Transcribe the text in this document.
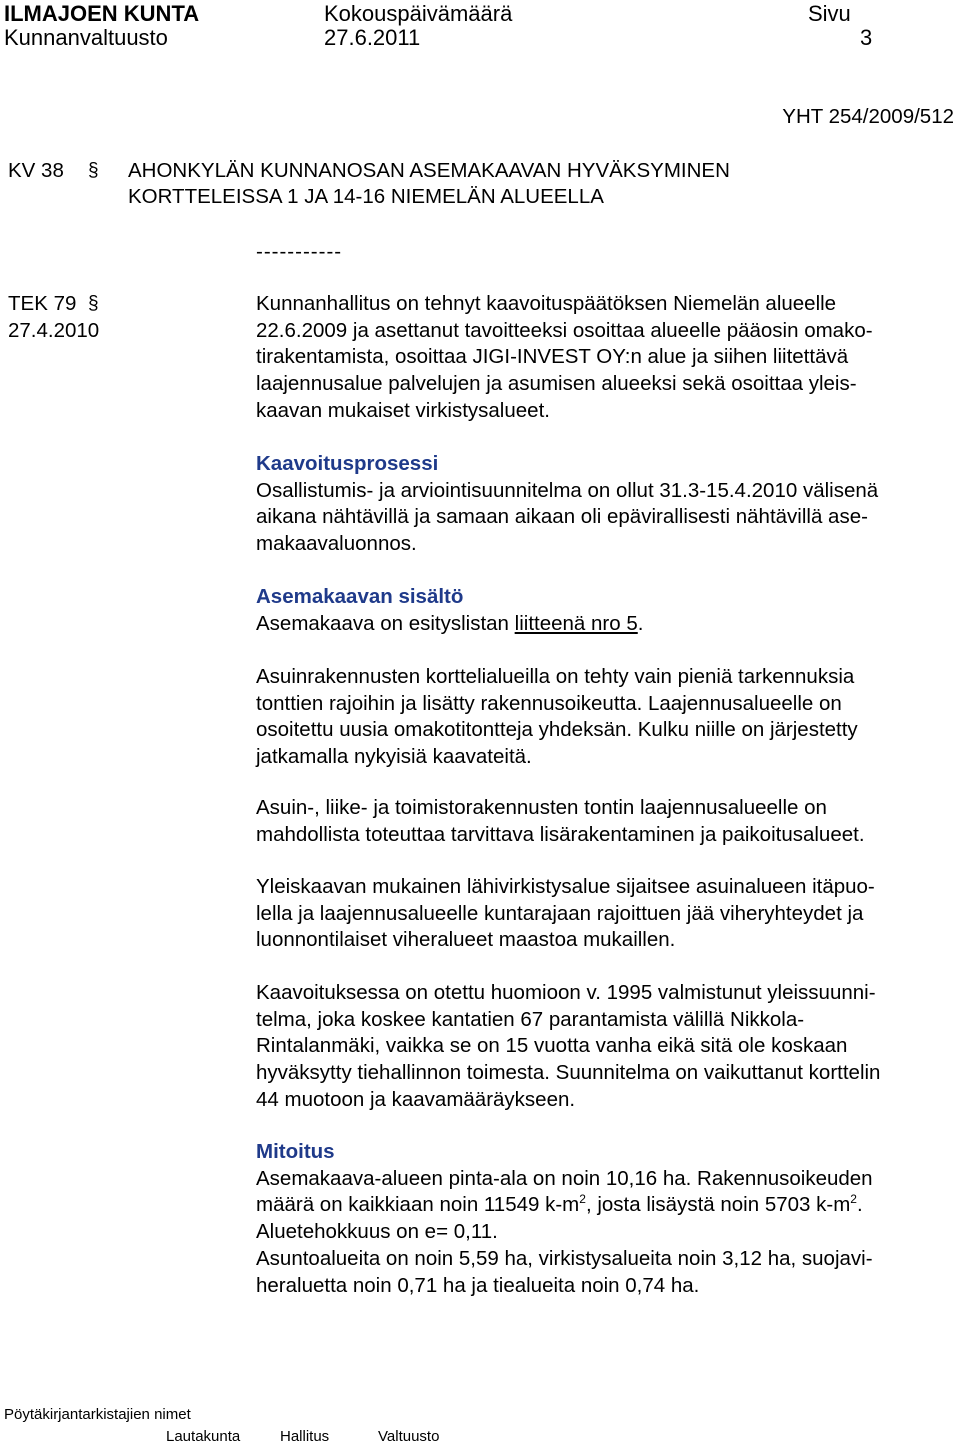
ILMAJOEN KUNTA
Kunnanvaltuusto
Kokouspäivämäärä
27.6.2011
Sivu
3
YHT 254/2009/512
KV 38 § AHONKYLÄN KUNNANOSAN ASEMAKAAVAN HYVÄKSYMINEN
KORTTELEISSA 1 JA 14-16 NIEMELÄN ALUEELLA
-----------
TEK 79 §
27.4.2010
Kunnanhallitus on tehnyt kaavoituspäätöksen Niemelän alueelle
22.6.2009 ja asettanut tavoitteeksi osoittaa alueelle pääosin omako-
tirakentamista, osoittaa JIGI-INVEST OY:n alue ja siihen liitettävä
laajennusalue palvelujen ja asumisen alueeksi sekä osoittaa yleis-
kaavan mukaiset virkistysalueet.
Kaavoitusprosessi
Osallistumis- ja arviointisuunnitelma on ollut 31.3-15.4.2010 välisenä
aikana nähtävillä ja samaan aikaan oli epävirallisesti nähtävillä ase-
makaavaluonnos.
Asemakaavan sisältö
Asemakaava on esityslistan liitteenä nro 5.
Asuinrakennusten korttelialueilla on tehty vain pieniä tarkennuksia
tonttien rajoihin ja lisätty rakennusoikeutta. Laajennusalueelle on
osoitettu uusia omakotitontteja yhdeksän. Kulku niille on järjestetty
jatkamalla nykyisiä kaavateitä.
Asuin-, liike- ja toimistorakennusten tontin laajennusalueelle on
mahdollista toteuttaa tarvittava lisärakentaminen ja paikoitusalueet.
Yleiskaavan mukainen lähivirkistysalue sijaitsee asuinalueen itäpuo-
lella ja laajennusalueelle kuntarajaan rajoittuen jää viheryhteydet ja
luonnontilaiset viheralueet maastoa mukaillen.
Kaavoituksessa on otettu huomioon v. 1995 valmistunut yleissuunni-
telma, joka koskee kantatien 67 parantamista välillä Nikkola-
Rintalanmäki, vaikka se on 15 vuotta vanha eikä sitä ole koskaan
hyväksytty tiehallinnon toimesta. Suunnitelma on vaikuttanut korttelin
44 muotoon ja kaavamääräykseen.
Mitoitus
Asemakaava-alueen pinta-ala on noin 10,16 ha. Rakennusoikeuden
määrä on kaikkiaan noin 11549 $k-m^2$, josta lisäystä noin 5703 $k-m^2$.
Aluetehokkuus on e= 0,11.
Asuntoalueita on noin 5,59 ha, virkistysalueita noin 3,12 ha, suojavi-
heraluetta noin 0,71 ha ja tiealueita noin 0,74 ha.
Pöytäkirjantarkistajien nimet
Lautakunta	Hallitus	Valtuusto
